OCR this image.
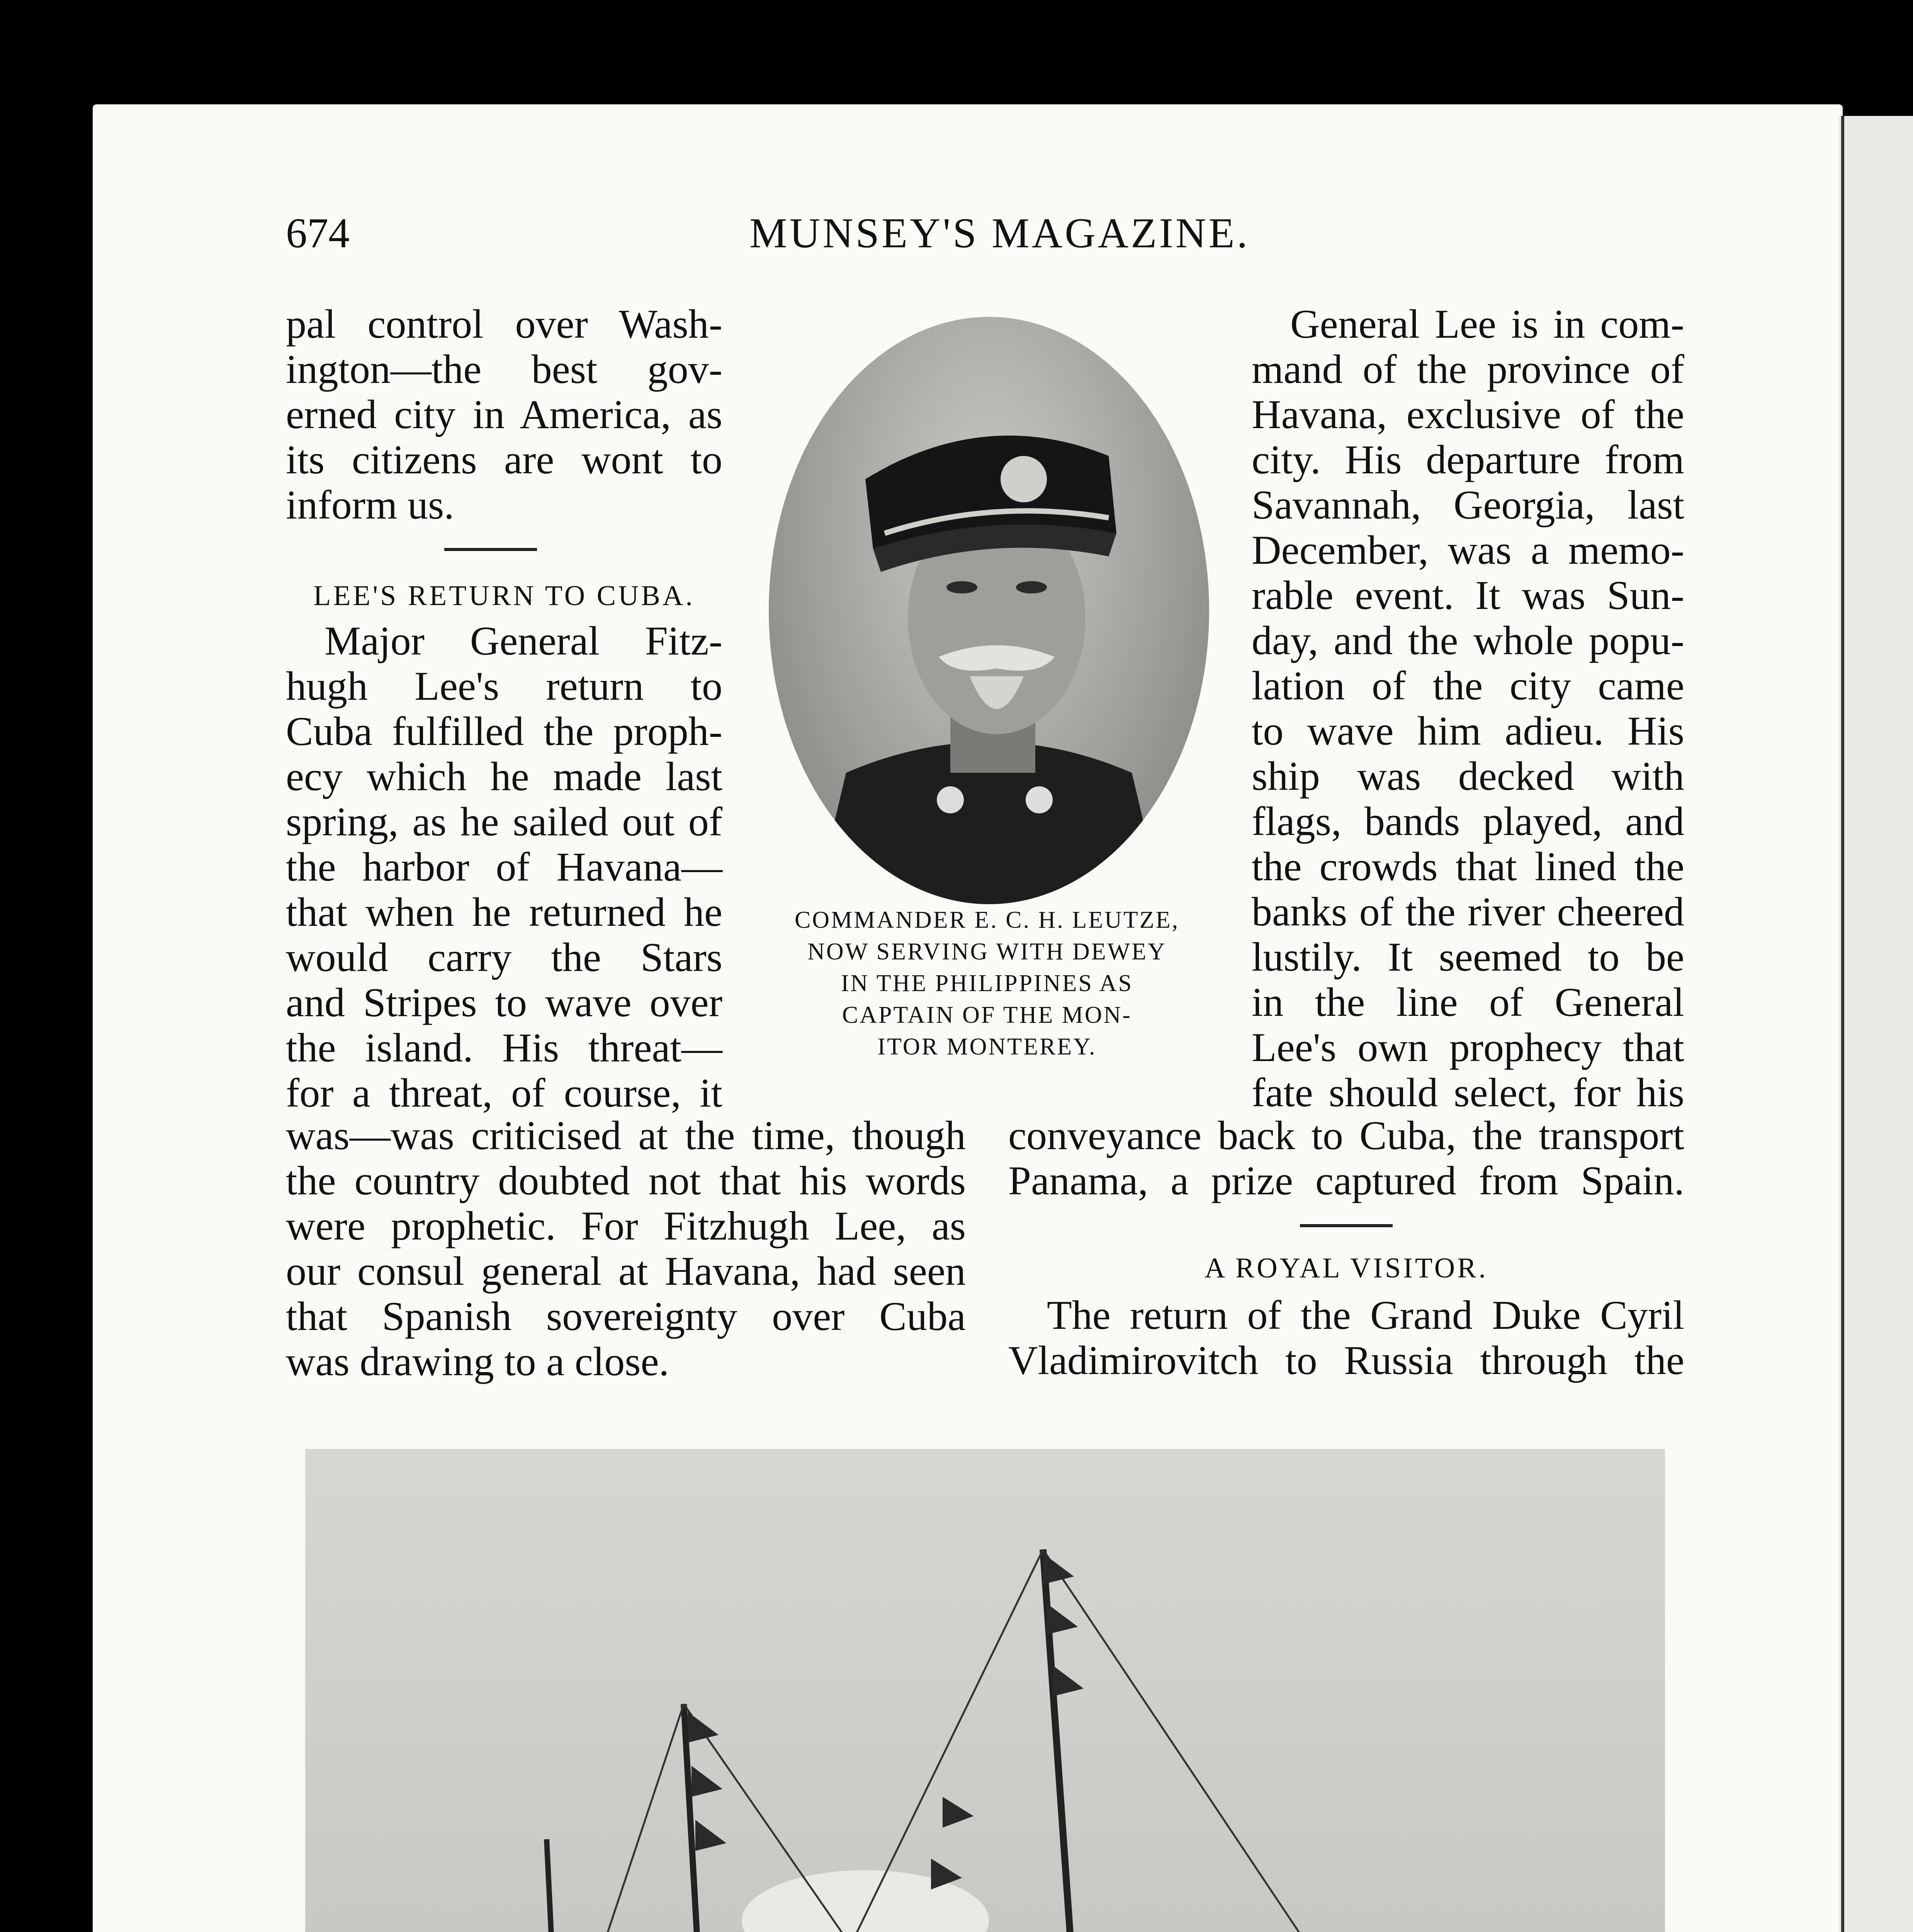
674	MUNSEY'S MAGAZINE.

pal control over Wash-

ington—the best gov-

erned city in America, as

its citizens are wont to

inform us.

LEE'S RETURN TO CUBA.

Major General Fitz-

hugh Lee's return to

Cuba fulfilled the proph-

ecy which he made last

spring, as he sailed out of

the harbor of Havana—

that when he returned he

would carry the Stars

and Stripes to wave over

the island. His threat—

for a threat, of course, it

was—was criticised at the time, though

the country doubted not that his words

were prophetic. For Fitzhugh Lee, as

our consul general at Havana, had seen

that Spanish sovereignty over Cuba

was drawing to a close.

COMMANDER E. C. H. LEUTZE,
NOW SERVING WITH DEWEY
IN THE PHILIPPINES AS
CAPTAIN OF THE MON-
ITOR MONTEREY.

General Lee is in com-

mand of the province of

Havana, exclusive of the

city. His departure from

Savannah, Georgia, last

December, was a memo-

rable event. It was Sun-

day, and the whole popu-

lation of the city came

to wave him adieu. His

ship was decked with

flags, bands played, and

the crowds that lined the

banks of the river cheered

lustily. It seemed to be

in the line of General

Lee's own prophecy that

fate should select, for his

conveyance back to Cuba, the transport

Panama, a prize captured from Spain.

A ROYAL VISITOR.

The return of the Grand Duke Cyril

Vladimirovitch to Russia through the
